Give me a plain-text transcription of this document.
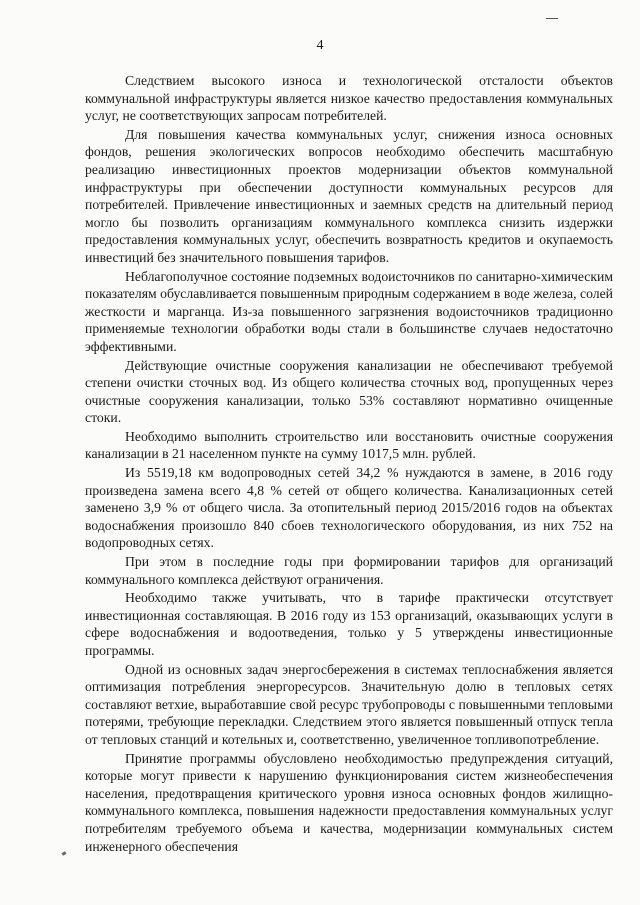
4

Следствием высокого износа и технологической отсталости объектов коммунальной инфраструктуры является низкое качество предоставления коммунальных услуг, не соответствующих запросам потребителей.

Для повышения качества коммунальных услуг, снижения износа основных фондов, решения экологических вопросов необходимо обеспечить масштабную реализацию инвестиционных проектов модернизации объектов коммунальной инфраструктуры при обеспечении доступности коммунальных ресурсов для потребителей. Привлечение инвестиционных и заемных средств на длительный период могло бы позволить организациям коммунального комплекса снизить издержки предоставления коммунальных услуг, обеспечить возвратность кредитов и окупаемость инвестиций без значительного повышения тарифов.

Неблагополучное состояние подземных водоисточников по санитарно-химическим показателям обуславливается повышенным природным содержанием в воде железа, солей жесткости и марганца. Из-за повышенного загрязнения водоисточников традиционно применяемые технологии обработки воды стали в большинстве случаев недостаточно эффективными.

Действующие очистные сооружения канализации не обеспечивают требуемой степени очистки сточных вод. Из общего количества сточных вод, пропущенных через очистные сооружения канализации, только 53% составляют нормативно очищенные стоки.

Необходимо выполнить строительство или восстановить очистные сооружения канализации в 21 населенном пункте на сумму 1017,5 млн. рублей.

Из 5519,18 км водопроводных сетей 34,2 % нуждаются в замене, в 2016 году произведена замена всего 4,8 % сетей от общего количества. Канализационных сетей заменено 3,9 % от общего числа. За отопительный период 2015/2016 годов на объектах водоснабжения произошло 840 сбоев технологического оборудования, из них 752 на водопроводных сетях.

При этом в последние годы при формировании тарифов для организаций коммунального комплекса действуют ограничения.

Необходимо также учитывать, что в тарифе практически отсутствует инвестиционная составляющая. В 2016 году из 153 организаций, оказывающих услуги в сфере водоснабжения и водоотведения, только у 5 утверждены инвестиционные программы.

Одной из основных задач энергосбережения в системах теплоснабжения является оптимизация потребления энергоресурсов. Значительную долю в тепловых сетях составляют ветхие, выработавшие свой ресурс трубопроводы с повышенными тепловыми потерями, требующие перекладки. Следствием этого является повышенный отпуск тепла от тепловых станций и котельных и, соответственно, увеличенное топливопотребление.

Принятие программы обусловлено необходимостью предупреждения ситуаций, которые могут привести к нарушению функционирования систем жизнеобеспечения населения, предотвращения критического уровня износа основных фондов жилищно-коммунального комплекса, повышения надежности предоставления коммунальных услуг потребителям требуемого объема и качества, модернизации коммунальных систем инженерного обеспечения
